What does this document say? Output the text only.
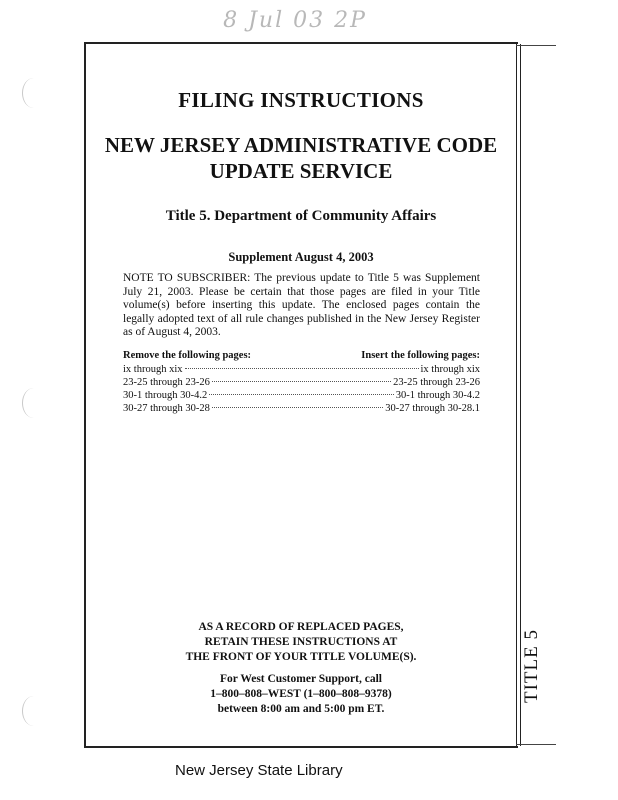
8 Jul 03 2P
TITLE 5
FILING INSTRUCTIONS
NEW JERSEY ADMINISTRATIVE CODE
UPDATE SERVICE
Title 5. Department of Community Affairs
Supplement August 4, 2003
NOTE TO SUBSCRIBER: The previous update to Title 5 was Supplement July 21, 2003. Please be certain that those pages are filed in your Title volume(s) before inserting this update. The enclosed pages contain the legally adopted text of all rule changes published in the New Jersey Register as of August 4, 2003.
Remove the following pages:	Insert the following pages:
ix through xix	ix through xix
23-25 through 23-26	23-25 through 23-26
30-1 through 30-4.2	30-1 through 30-4.2
30-27 through 30-28	30-27 through 30-28.1
AS A RECORD OF REPLACED PAGES,
RETAIN THESE INSTRUCTIONS AT
THE FRONT OF YOUR TITLE VOLUME(S).
For West Customer Support, call
1–800–808–WEST (1–800–808–9378)
between 8:00 am and 5:00 pm ET.
New Jersey State Library
